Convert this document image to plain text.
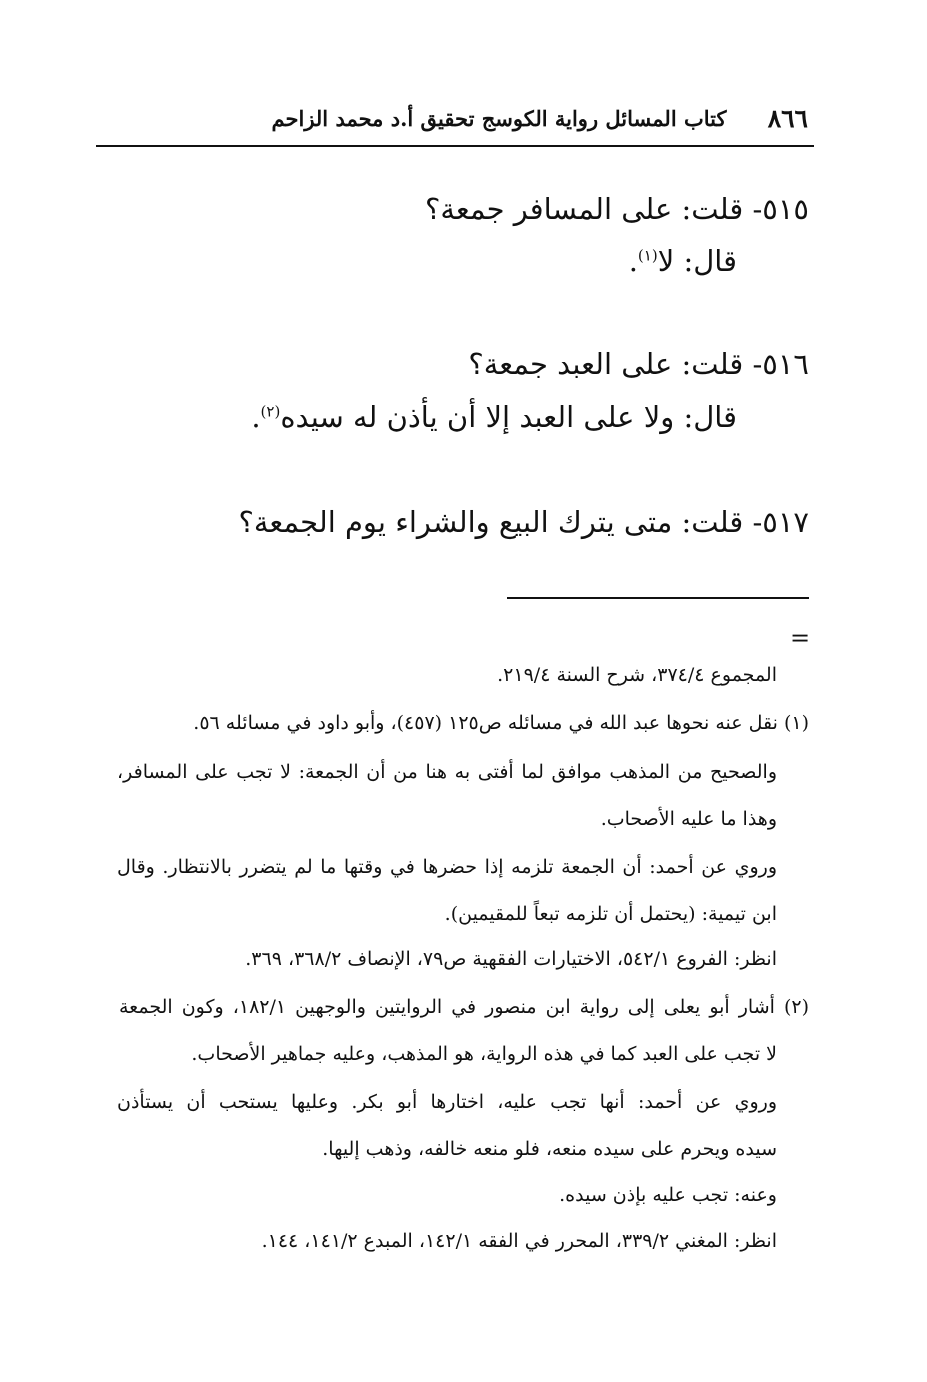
٨٦٦
كتاب المسائل رواية الكوسج تحقيق أ.د محمد الزاحم
٥١٥- قلت: على المسافر جمعة؟
قال: لا$^{(١)}$.
٥١٦- قلت: على العبد جمعة؟
قال: ولا على العبد إلا أن يأذن له سيده$^{(٢)}$.
٥١٧- قلت: متى يترك البيع والشراء يوم الجمعة؟
=
المجموع ٣٧٤/٤، شرح السنة ٢١٩/٤.
(١) نقل عنه نحوها عبد الله في مسائله ص١٢٥ (٤٥٧)، وأبو داود في مسائله ٥٦.
والصحيح من المذهب موافق لما أفتى به هنا من أن الجمعة: لا تجب على المسافر،
وهذا ما عليه الأصحاب.
وروي عن أحمد: أن الجمعة تلزمه إذا حضرها في وقتها ما لم يتضرر بالانتظار. وقال
ابن تيمية: (يحتمل أن تلزمه تبعاً للمقيمين).
انظر: الفروع ٥٤٢/١، الاختيارات الفقهية ص٧٩، الإنصاف ٣٦٨/٢، ٣٦٩.
(٢) أشار أبو يعلى إلى رواية ابن منصور في الروايتين والوجهين ١٨٢/١، وكون الجمعة
لا تجب على العبد كما في هذه الرواية، هو المذهب، وعليه جماهير الأصحاب.
وروي عن أحمد: أنها تجب عليه، اختارها أبو بكر. وعليها يستحب أن يستأذن
سيده ويحرم على سيده منعه، فلو منعه خالفه، وذهب إليها.
وعنه: تجب عليه بإذن سيده.
انظر: المغني ٣٣٩/٢، المحرر في الفقه ١٤٢/١، المبدع ١٤١/٢، ١٤٤.
